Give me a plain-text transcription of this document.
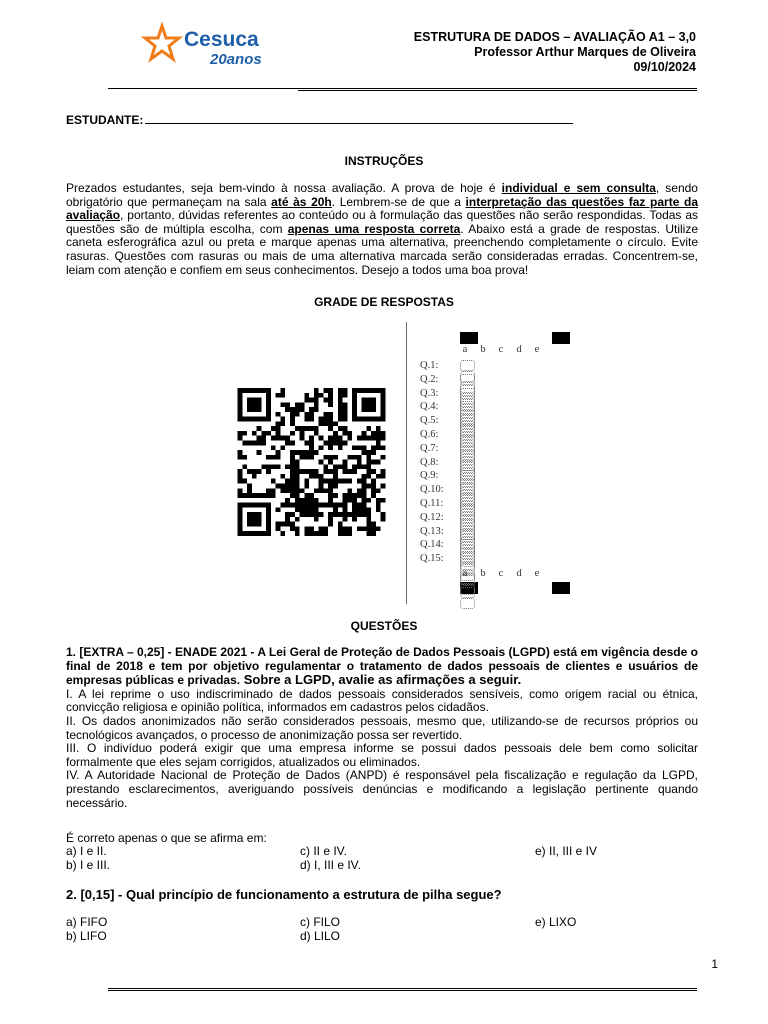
Cesuca
20anos
ESTRUTURA DE DADOS – AVALIAÇÃO A1 – 3,0
Professor Arthur Marques de Oliveira
09/10/2024
ESTUDANTE:
INSTRUÇÕES
Prezados estudantes, seja bem-vindo à nossa avaliação. A prova de hoje é individual e sem consulta, sendo obrigatório que permaneçam na sala até às 20h. Lembrem-se de que a interpretação das questões faz parte da avaliação, portanto, dúvidas referentes ao conteúdo ou à formulação das questões não serão respondidas. Todas as questões são de múltipla escolha, com apenas uma resposta correta. Abaixo está a grade de respostas. Utilize caneta esferográfica azul ou preta e marque apenas uma alternativa, preenchendo completamente o círculo. Evite rasuras. Questões com rasuras ou mais de uma alternativa marcada serão consideradas erradas. Concentrem-se, leiam com atenção e confiem em seus conhecimentos. Desejo a todos uma boa prova!
GRADE DE RESPOSTAS
a b c d e
Q.1:
Q.2:
Q.3:
Q.4:
Q.5:
Q.6:
Q.7:
Q.8:
Q.9:
Q.10:
Q.11:
Q.12:
Q.13:
Q.14:
Q.15:
a b c d e
QUESTÕES
1. [EXTRA – 0,25] - ENADE 2021 - A Lei Geral de Proteção de Dados Pessoais (LGPD) está em vigência desde o final de 2018 e tem por objetivo regulamentar o tratamento de dados pessoais de clientes e usuários de empresas públicas e privadas. Sobre a LGPD, avalie as afirmações a seguir.
I. A lei reprime o uso indiscriminado de dados pessoais considerados sensíveis, como origem racial ou étnica, convicção religiosa e opinião política, informados em cadastros pelos cidadãos.
II. Os dados anonimizados não serão considerados pessoais, mesmo que, utilizando-se de recursos próprios ou tecnológicos avançados, o processo de anonimização possa ser revertido.
III. O indivíduo poderá exigir que uma empresa informe se possui dados pessoais dele bem como solicitar formalmente que eles sejam corrigidos, atualizados ou eliminados.
IV. A Autoridade Nacional de Proteção de Dados (ANPD) é responsável pela fiscalização e regulação da LGPD, prestando esclarecimentos, averiguando possíveis denúncias e modificando a legislação pertinente quando necessário.
É correto apenas o que se afirma em:
a) I e II.
b) I e III.
c) II e IV.
d) I, III e IV.
e) II, III e IV
2. [0,15] - Qual princípio de funcionamento a estrutura de pilha segue?
a) FIFO
b) LIFO
c) FILO
d) LILO
e) LIXO
1
